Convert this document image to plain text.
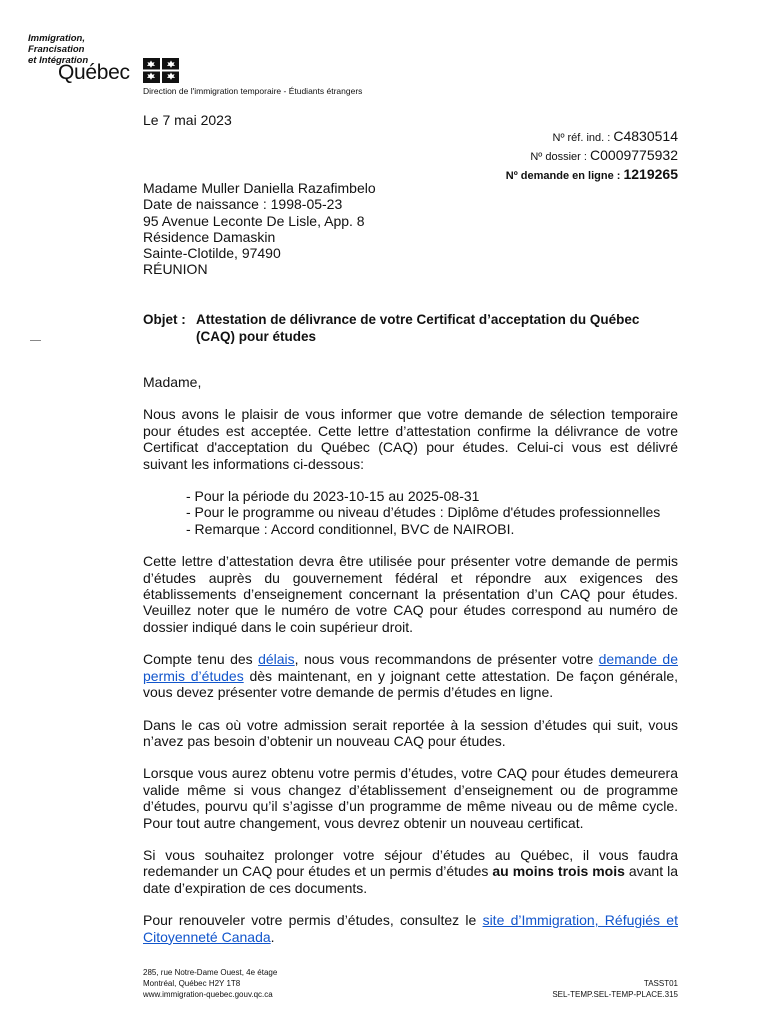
Immigration,
Francisation
et Intégration
Québec
Direction de l'immigration temporaire - Étudiants étrangers
Le 7 mai 2023
Nº réf. ind. : C4830514
Nº dossier : C0009775932
Nº demande en ligne : 1219265
Madame Muller Daniella Razafimbelo
Date de naissance : 1998-05-23
95 Avenue Leconte De Lisle, App. 8
Résidence Damaskin
Sainte-Clotilde, 97490
RÉUNION
Objet : Attestation de délivrance de votre Certificat d’acceptation du Québec (CAQ) pour études

Madame,

Nous avons le plaisir de vous informer que votre demande de sélection temporaire pour études est acceptée. Cette lettre d’attestation confirme la délivrance de votre Certificat d'acceptation du Québec (CAQ) pour études. Celui-ci vous est délivré suivant les informations ci-dessous:

- Pour la période du 2023-10-15 au 2025-08-31
- Pour le programme ou niveau d’études : Diplôme d'études professionnelles
- Remarque : Accord conditionnel, BVC de NAIROBI.

Cette lettre d’attestation devra être utilisée pour présenter votre demande de permis d’études auprès du gouvernement fédéral et répondre aux exigences des établissements d’enseignement concernant la présentation d’un CAQ pour études. Veuillez noter que le numéro de votre CAQ pour études correspond au numéro de dossier indiqué dans le coin supérieur droit.

Compte tenu des délais, nous vous recommandons de présenter votre demande de permis d’études dès maintenant, en y joignant cette attestation. De façon générale, vous devez présenter votre demande de permis d’études en ligne.

Dans le cas où votre admission serait reportée à la session d’études qui suit, vous n’avez pas besoin d’obtenir un nouveau CAQ pour études.

Lorsque vous aurez obtenu votre permis d’études, votre CAQ pour études demeurera valide même si vous changez d’établissement d’enseignement ou de programme d’études, pourvu qu’il s’agisse d’un programme de même niveau ou de même cycle. Pour tout autre changement, vous devrez obtenir un nouveau certificat.

Si vous souhaitez prolonger votre séjour d’études au Québec, il vous faudra redemander un CAQ pour études et un permis d’études au moins trois mois avant la date d’expiration de ces documents.

Pour renouveler votre permis d’études, consultez le site d’Immigration, Réfugiés et Citoyenneté Canada.

285, rue Notre-Dame Ouest, 4e étage
Montréal, Québec H2Y 1T8
www.immigration-quebec.gouv.qc.ca
TASST01
SEL-TEMP.SEL-TEMP-PLACE.315
